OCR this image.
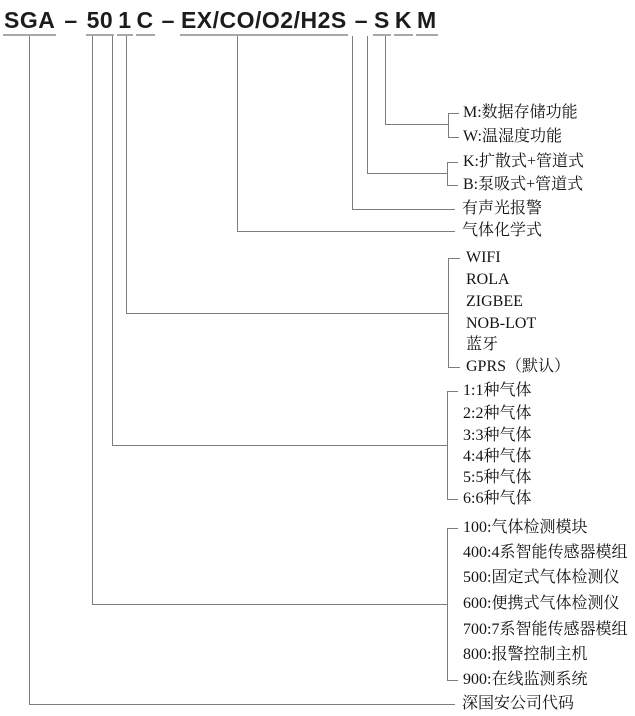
SGA – 50 1 C – EX/CO/O2/H2S – S K M
M:数据存储功能
W:温湿度功能
K:扩散式+管道式
B:泵吸式+管道式
有声光报警
气体化学式
WIFI
ROLA
ZIGBEE
NOB-LOT
蓝牙
GPRS（默认）
1:1种气体
2:2种气体
3:3种气体
4:4种气体
5:5种气体
6:6种气体
100:气体检测模块
400:4系智能传感器模组
500:固定式气体检测仪
600:便携式气体检测仪
700:7系智能传感器模组
800:报警控制主机
900:在线监测系统
深国安公司代码
